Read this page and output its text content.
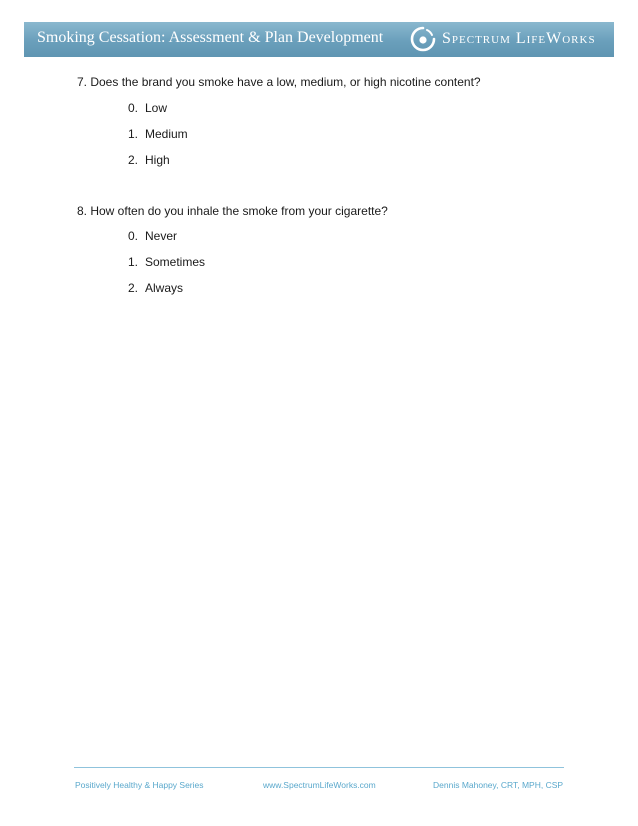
Smoking Cessation: Assessment & Plan Development	Spectrum LifeWorks
7. Does the brand you smoke have a low, medium, or high nicotine content?
0. Low
1. Medium
2. High
8. How often do you inhale the smoke from your cigarette?
0. Never
1. Sometimes
2. Always
Positively Healthy & Happy Series	www.SpectrumLifeWorks.com	Dennis Mahoney, CRT, MPH, CSP
